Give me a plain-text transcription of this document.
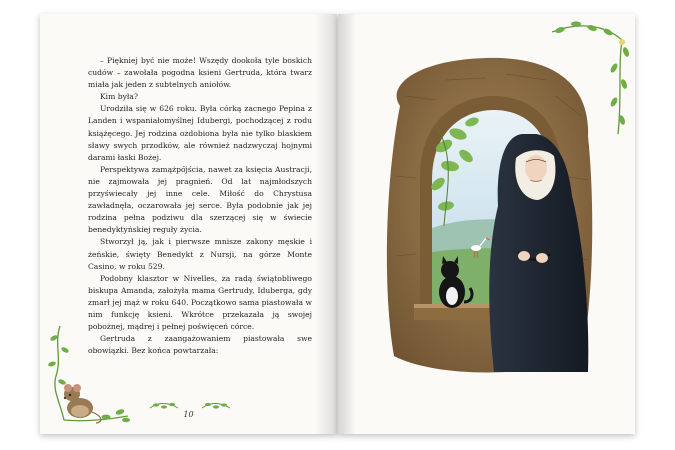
– Piękniej być nie może! Wszędy dookoła tyle boskich cudów – zawołała pogodna ksieni Gertruda, która twarz miała jak jeden z subtelnych aniołów.

Kim była?

Urodziła się w 626 roku. Była córką zacnego Pepina z Landen i wspaniałomyślnej Idubergi, pochodzącej z rodu książęcego. Jej rodzina ozdobiona była nie tylko blaskiem sławy swych przodków, ale również nadzwyczaj hojnymi darami łaski Bożej.

Perspektywa zamążpójścia, nawet za księcia Austracji, nie zajmowała jej pragnień. Od lat najmłodszych przyświecały jej inne cele. Miłość do Chrystusa zawładnęła, oczarowała jej serce. Była podobnie jak jej rodzina pełna podziwu dla szerzącej się w świecie benedyktyńskiej reguły życia.

Stworzył ją, jak i pierwsze mnisze zakony męskie i żeńskie, święty Benedykt z Nursji, na górze Monte Casino, w roku 529.

Podobny klasztor w Nivelles, za radą świątobliwego biskupa Amanda, założyła mama Gertrudy, Iduberga, gdy zmarł jej mąż w roku 640. Początkowo sama piastowała w nim funkcję ksieni. Wkrótce przekazała ją swojej pobożnej, mądrej i pełnej poświęceń córce.

Gertruda z zaangażowaniem piastowała swe obowiązki. Bez końca powtarzała:

10
